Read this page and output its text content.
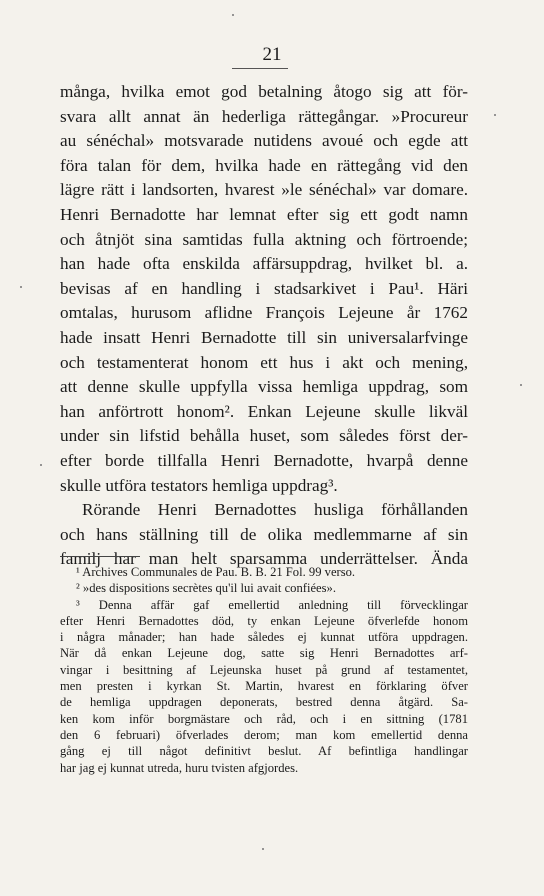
21
många, hvilka emot god betalning åtogo sig att för-
svara allt annat än hederliga rättegångar. »Procureur
au sénéchal» motsvarade nutidens avoué och egde att
föra talan för dem, hvilka hade en rättegång vid den
lägre rätt i landsorten, hvarest »le sénéchal» var domare.
Henri Bernadotte har lemnat efter sig ett godt namn
och åtnjöt sina samtidas fulla aktning och förtroende;
han hade ofta enskilda affärsuppdrag, hvilket bl. a.
bevisas af en handling i stadsarkivet i Pau¹. Häri
omtalas, hurusom aflidne François Lejeune år 1762
hade insatt Henri Bernadotte till sin universalarfvinge
och testamenterat honom ett hus i akt och mening,
att denne skulle uppfylla vissa hemliga uppdrag, som
han anförtrott honom². Enkan Lejeune skulle likväl
under sin lifstid behålla huset, som således först der-
efter borde tillfalla Henri Bernadotte, hvarpå denne
skulle utföra testators hemliga uppdrag³.
Rörande Henri Bernadottes husliga förhållanden
och hans ställning till de olika medlemmarne af sin
familj har man helt sparsamma underrättelser. Ända
¹ Archives Communales de Pau. B. B. 21 Fol. 99 verso.
² »des dispositions secrètes qu'il lui avait confiées».
³ Denna affär gaf emellertid anledning till förvecklingar
efter Henri Bernadottes död, ty enkan Lejeune öfverlefde honom
i några månader; han hade således ej kunnat utföra uppdragen.
När då enkan Lejeune dog, satte sig Henri Bernadottes arf-
vingar i besittning af Lejeunska huset på grund af testamentet,
men presten i kyrkan St. Martin, hvarest en förklaring öfver
de hemliga uppdragen deponerats, bestred denna åtgärd. Sa-
ken kom inför borgmästare och råd, och i en sittning (1781
den 6 februari) öfverlades derom; man kom emellertid denna
gång ej till något definitivt beslut. Af befintliga handlingar
har jag ej kunnat utreda, huru tvisten afgjordes.
